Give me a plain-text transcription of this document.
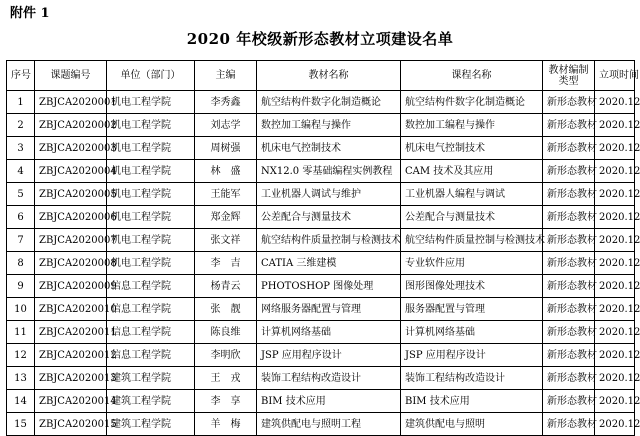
附件 1
2020 年校级新形态教材立项建设名单
序号	课题编号	单位（部门）	主编	教材名称	课程名称	教材编制类型	立项时间
1	ZBJCA2020001	机电工程学院	李秀鑫	航空结构件数字化制造概论	航空结构件数字化制造概论	新形态教材	2020.12
2	ZBJCA2020002	机电工程学院	刘志学	数控加工编程与操作	数控加工编程与操作	新形态教材	2020.12
3	ZBJCA2020003	机电工程学院	周树强	机床电气控制技术	机床电气控制技术	新形态教材	2020.12
4	ZBJCA2020004	机电工程学院	林　盛	NX12.0 零基础编程实例教程	CAM 技术及其应用	新形态教材	2020.12
5	ZBJCA2020005	机电工程学院	王能军	工业机器人调试与维护	工业机器人编程与调试	新形态教材	2020.12
6	ZBJCA2020006	机电工程学院	郑金辉	公差配合与测量技术	公差配合与测量技术	新形态教材	2020.12
7	ZBJCA2020007	机电工程学院	张文祥	航空结构件质量控制与检测技术	航空结构件质量控制与检测技术	新形态教材	2020.12
8	ZBJCA2020008	机电工程学院	李　吉	CATIA 三维建模	专业软件应用	新形态教材	2020.12
9	ZBJCA2020009	信息工程学院	杨青云	PHOTOSHOP 图像处理	图形图像处理技术	新形态教材	2020.12
10	ZBJCA2020010	信息工程学院	张　靓	网络服务器配置与管理	服务器配置与管理	新形态教材	2020.12
11	ZBJCA2020011	信息工程学院	陈良维	计算机网络基础	计算机网络基础	新形态教材	2020.12
12	ZBJCA2020012	信息工程学院	李明欣	JSP 应用程序设计	JSP 应用程序设计	新形态教材	2020.12
13	ZBJCA2020013	建筑工程学院	王　戎	装饰工程结构改造设计	装饰工程结构改造设计	新形态教材	2020.12
14	ZBJCA2020014	建筑工程学院	李　享	BIM 技术应用	BIM 技术应用	新形态教材	2020.12
15	ZBJCA2020015	建筑工程学院	羊　梅	建筑供配电与照明工程	建筑供配电与照明	新形态教材	2020.12
